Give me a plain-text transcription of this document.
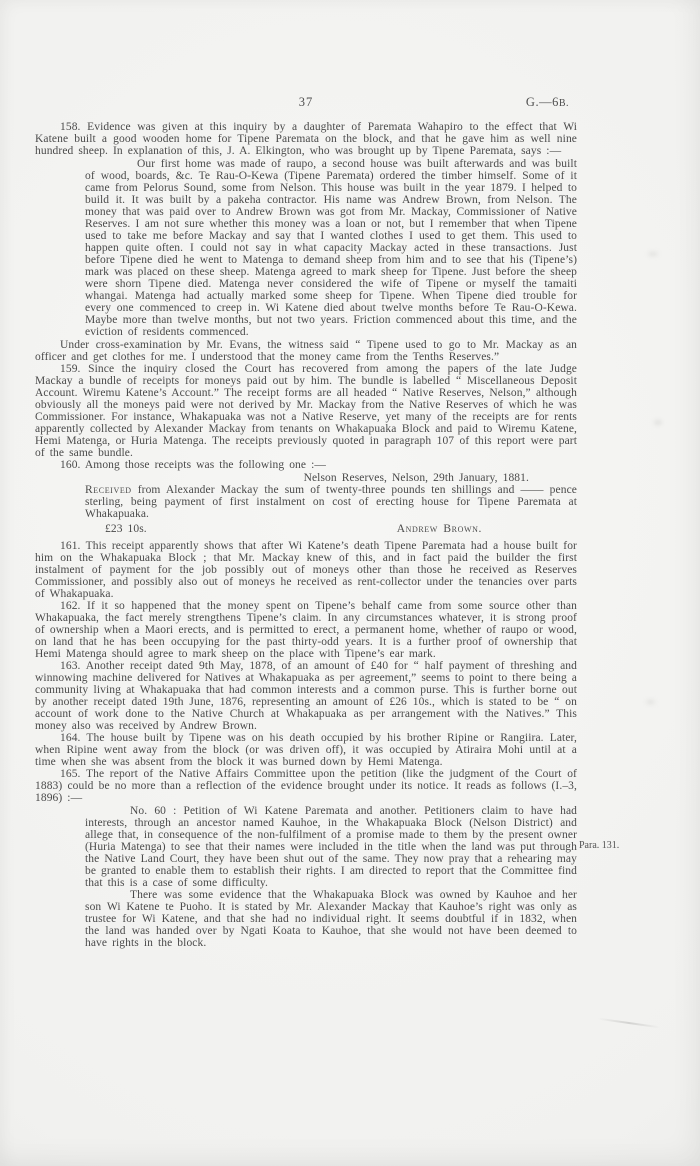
37	G.—6B.

158. Evidence was given at this inquiry by a daughter of Paremata Wahapiro to the effect that Wi Katene built a good wooden home for Tipene Paremata on the block, and that he gave him as well nine hundred sheep. In explanation of this, J. A. Elkington, who was brought up by Tipene Paremata, says :—

Our first home was made of raupo, a second house was built afterwards and was built of wood, boards, &c. Te Rau-O-Kewa (Tipene Paremata) ordered the timber himself. Some of it came from Pelorus Sound, some from Nelson. This house was built in the year 1879. I helped to build it. It was built by a pakeha contractor. His name was Andrew Brown, from Nelson. The money that was paid over to Andrew Brown was got from Mr. Mackay, Commissioner of Native Reserves. I am not sure whether this money was a loan or not, but I remember that when Tipene used to take me before Mackay and say that I wanted clothes I used to get them. This used to happen quite often. I could not say in what capacity Mackay acted in these transactions. Just before Tipene died he went to Matenga to demand sheep from him and to see that his (Tipene’s) mark was placed on these sheep. Matenga agreed to mark sheep for Tipene. Just before the sheep were shorn Tipene died. Matenga never considered the wife of Tipene or myself the tamaiti whangai. Matenga had actually marked some sheep for Tipene. When Tipene died trouble for every one commenced to creep in. Wi Katene died about twelve months before Te Rau-O-Kewa. Maybe more than twelve months, but not two years. Friction commenced about this time, and the eviction of residents commenced.

Under cross-examination by Mr. Evans, the witness said “ Tipene used to go to Mr. Mackay as an officer and get clothes for me. I understood that the money came from the Tenths Reserves.”

159. Since the inquiry closed the Court has recovered from among the papers of the late Judge Mackay a bundle of receipts for moneys paid out by him. The bundle is labelled “ Miscellaneous Deposit Account. Wiremu Katene’s Account.” The receipt forms are all headed “ Native Reserves, Nelson,” although obviously all the moneys paid were not derived by Mr. Mackay from the Native Reserves of which he was Commissioner. For instance, Whakapuaka was not a Native Reserve, yet many of the receipts are for rents apparently collected by Alexander Mackay from tenants on Whakapuaka Block and paid to Wiremu Katene, Hemi Matenga, or Huria Matenga. The receipts previously quoted in paragraph 107 of this report were part of the same bundle.

160. Among those receipts was the following one :—

Nelson Reserves, Nelson, 29th January, 1881.

Received from Alexander Mackay the sum of twenty-three pounds ten shillings and —— pence sterling, being payment of first instalment on cost of erecting house for Tipene Paremata at Whakapuaka.

£23 10s.	Andrew Brown.

161. This receipt apparently shows that after Wi Katene’s death Tipene Paremata had a house built for him on the Whakapuaka Block ; that Mr. Mackay knew of this, and in fact paid the builder the first instalment of payment for the job possibly out of moneys other than those he received as Reserves Commissioner, and possibly also out of moneys he received as rent-collector under the tenancies over parts of Whakapuaka.

162. If it so happened that the money spent on Tipene’s behalf came from some source other than Whakapuaka, the fact merely strengthens Tipene’s claim. In any circumstances whatever, it is strong proof of ownership when a Maori erects, and is permitted to erect, a permanent home, whether of raupo or wood, on land that he has been occupying for the past thirty-odd years. It is a further proof of ownership that Hemi Matenga should agree to mark sheep on the place with Tipene’s ear mark.

163. Another receipt dated 9th May, 1878, of an amount of £40 for “ half payment of threshing and winnowing machine delivered for Natives at Whakapuaka as per agreement,” seems to point to there being a community living at Whakapuaka that had common interests and a common purse. This is further borne out by another receipt dated 19th June, 1876, representing an amount of £26 10s., which is stated to be “ on account of work done to the Native Church at Whakapuaka as per arrangement with the Natives.” This money also was received by Andrew Brown.

164. The house built by Tipene was on his death occupied by his brother Ripine or Rangiira. Later, when Ripine went away from the block (or was driven off), it was occupied by Atiraira Mohi until at a time when she was absent from the block it was burned down by Hemi Matenga.

165. The report of the Native Affairs Committee upon the petition (like the judgment of the Court of 1883) could be no more than a reflection of the evidence brought under its notice. It reads as follows (I.–3, 1896) :—

No. 60 : Petition of Wi Katene Paremata and another. Petitioners claim to have had interests, through an ancestor named Kauhoe, in the Whakapuaka Block (Nelson District) and allege that, in consequence of the non-fulfilment of a promise made to them by the present owner (Huria Matenga) to see that their names were included in the title when the land was put through the Native Land Court, they have been shut out of the same. They now pray that a rehearing may be granted to enable them to establish their rights. I am directed to report that the Committee find that this is a case of some difficulty.

There was some evidence that the Whakapuaka Block was owned by Kauhoe and her son Wi Katene te Puoho. It is stated by Mr. Alexander Mackay that Kauhoe’s right was only as trustee for Wi Katene, and that she had no individual right. It seems doubtful if in 1832, when the land was handed over by Ngati Koata to Kauhoe, that she would not have been deemed to have rights in the block.

Para. 131.
